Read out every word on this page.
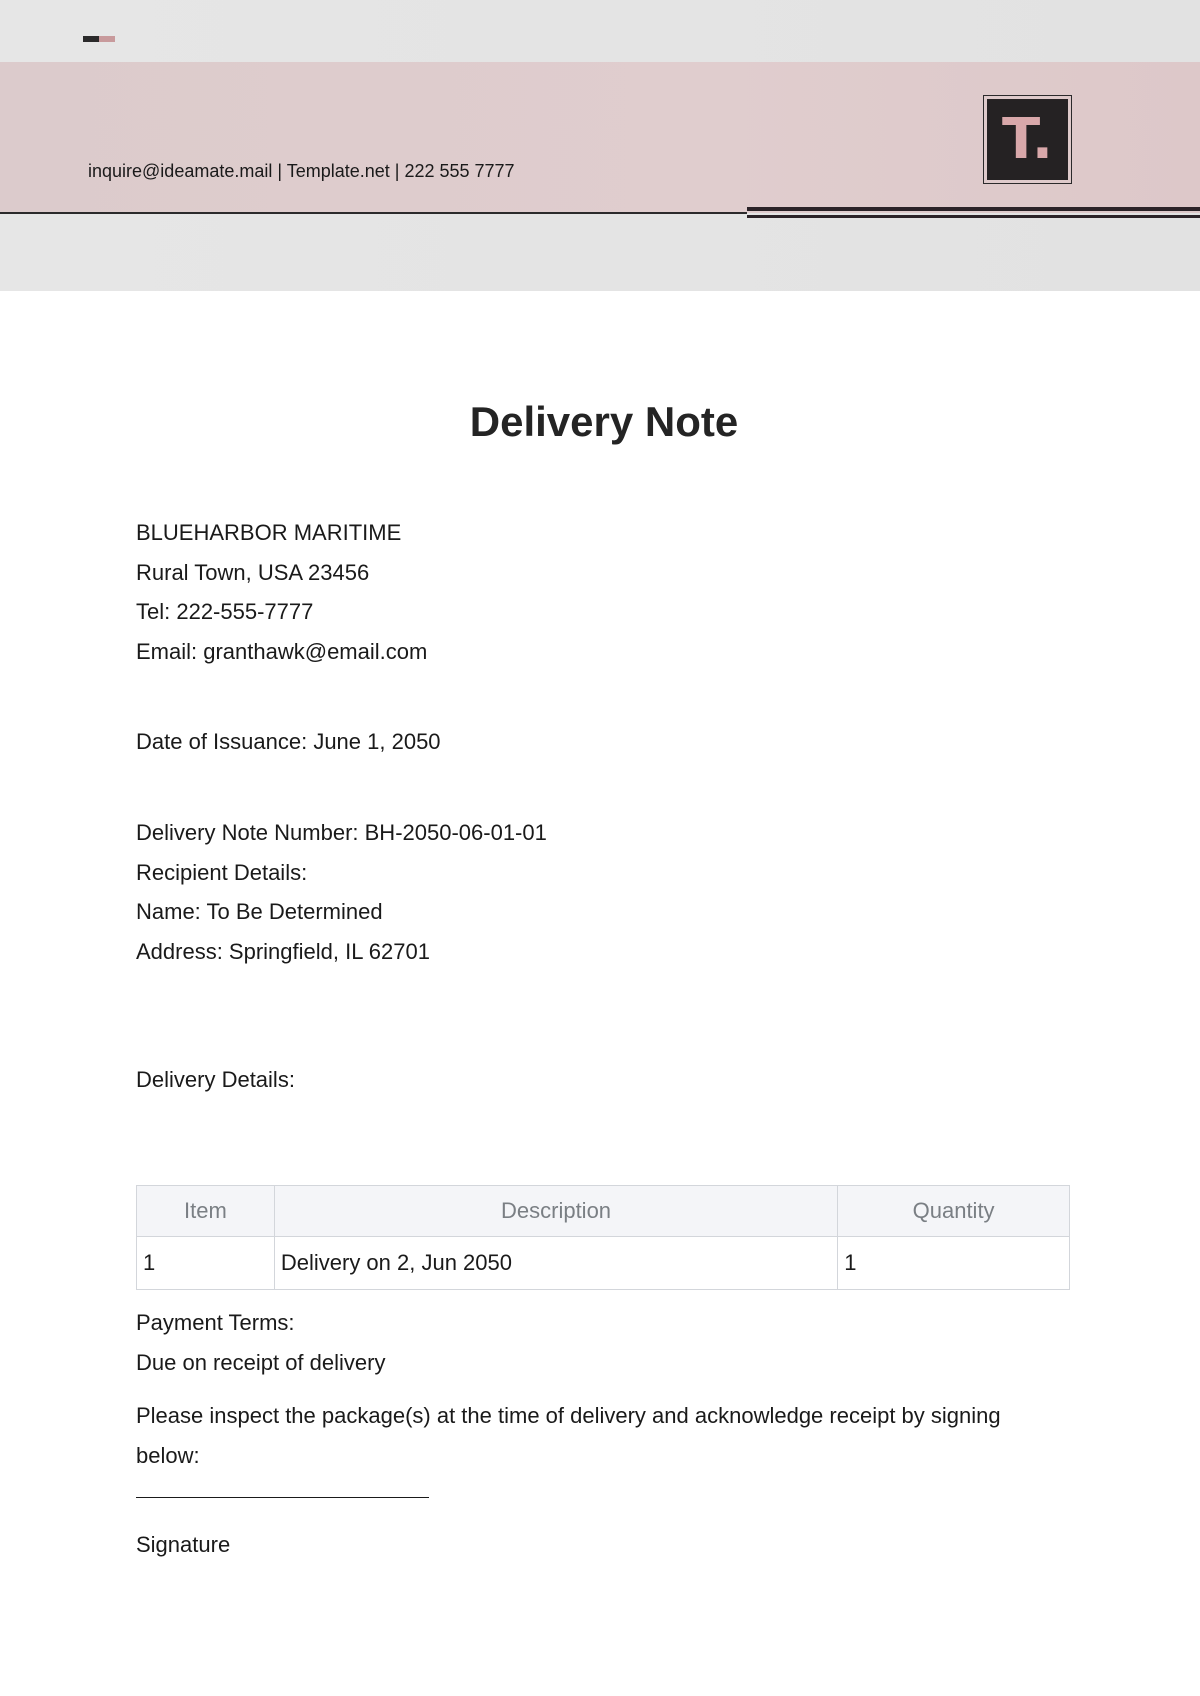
inquire@ideamate.mail | Template.net | 222 555 7777	T.
Delivery Note
BLUEHARBOR MARITIME
Rural Town, USA 23456
Tel: 222-555-7777
Email: granthawk@email.com
Date of Issuance: June 1, 2050
Delivery Note Number: BH-2050-06-01-01
Recipient Details:
Name: To Be Determined
Address: Springfield, IL 62701
Delivery Details:
Item	Description	Quantity
1	Delivery on 2, Jun 2050	1
Payment Terms:
Due on receipt of delivery
Please inspect the package(s) at the time of delivery and acknowledge receipt by signing below:
Signature
